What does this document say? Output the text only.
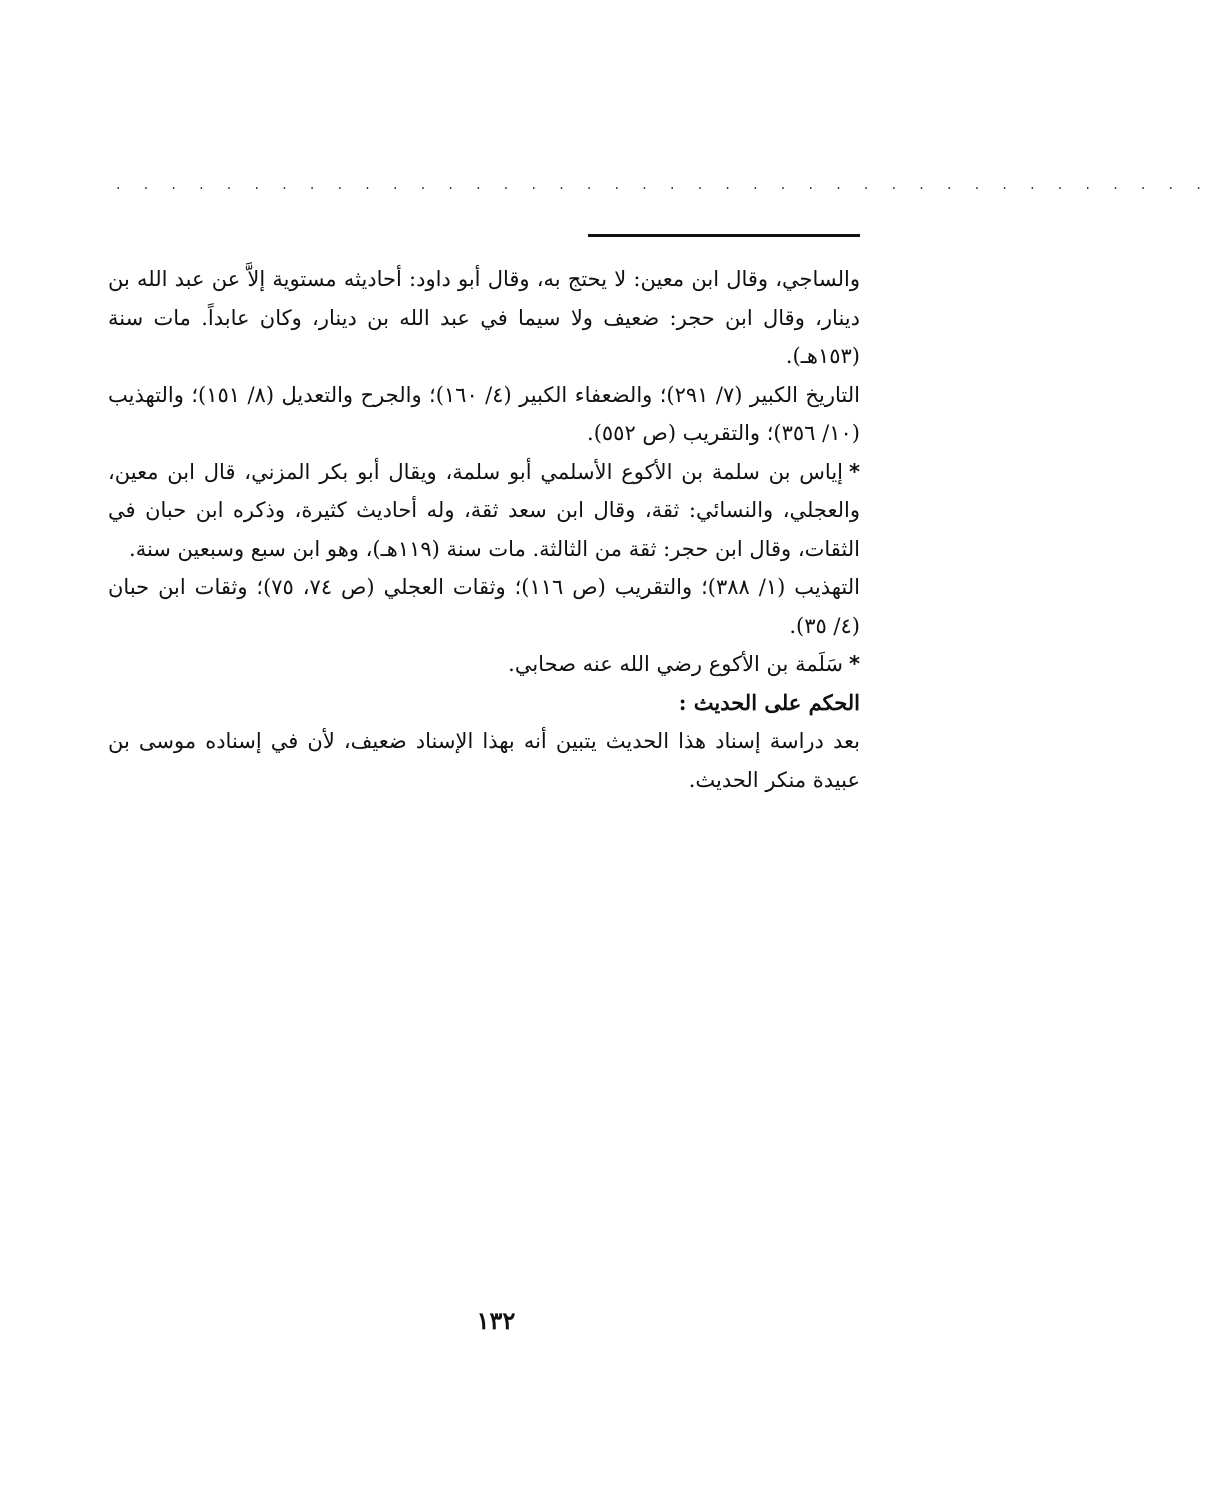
. . . . . . . . . . . . . . . . . . . . . . . . . . . . . . . . . . . . . . . .

والساجي، وقال ابن معين: لا يحتج به، وقال أبو داود: أحاديثه مستوية إلاَّ عن عبد الله بن دينار، وقال ابن حجر: ضعيف ولا سيما في عبد الله بن دينار، وكان عابداً. مات سنة (١٥٣هـ).

التاريخ الكبير (٧/ ٢٩١)؛ والضعفاء الكبير (٤/ ١٦٠)؛ والجرح والتعديل (٨/ ١٥١)؛ والتهذيب (١٠/ ٣٥٦)؛ والتقريب (ص ٥٥٢).

*إياس بن سلمة بن الأكوع الأسلمي أبو سلمة، ويقال أبو بكر المزني، قال ابن معين، والعجلي، والنسائي: ثقة، وقال ابن سعد ثقة، وله أحاديث كثيرة، وذكره ابن حبان في الثقات، وقال ابن حجر: ثقة من الثالثة. مات سنة (١١٩هـ)، وهو ابن سبع وسبعين سنة.

التهذيب (١/ ٣٨٨)؛ والتقريب (ص ١١٦)؛ وثقات العجلي (ص ٧٤، ٧٥)؛ وثقات ابن حبان (٤/ ٣٥).

*سَلَمة بن الأكوع رضي الله عنه صحابي.

الحكم على الحديث :

بعد دراسة إسناد هذا الحديث يتبين أنه بهذا الإسناد ضعيف، لأن في إسناده موسى بن عبيدة منكر الحديث.

١٣٢
